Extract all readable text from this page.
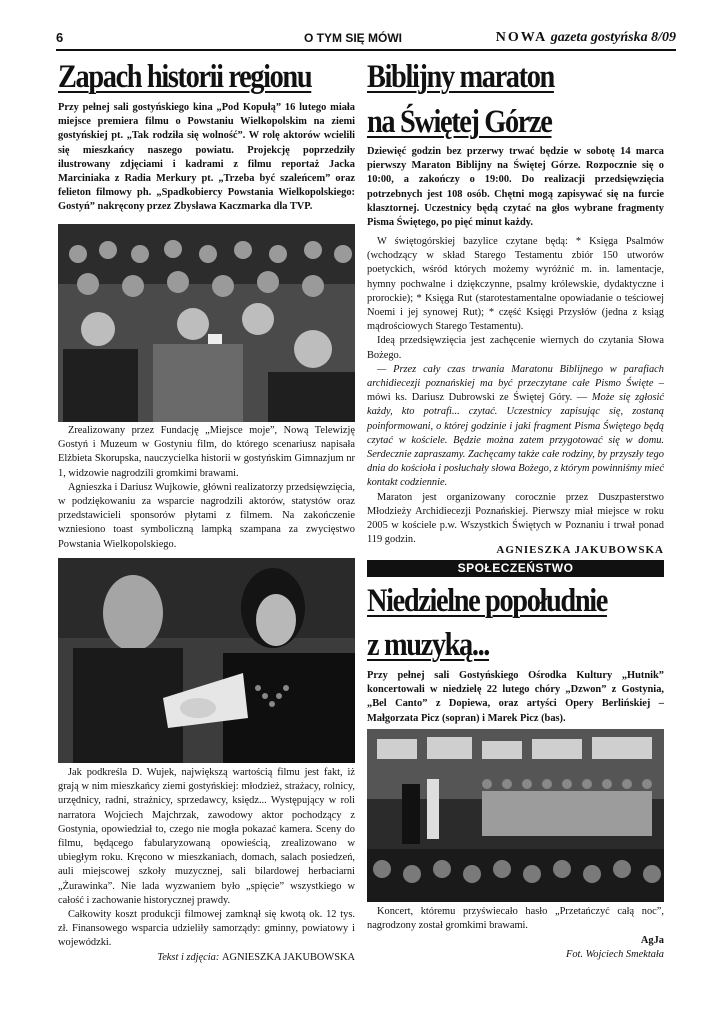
6	O TYM SIĘ MÓWI	NOWA gazeta gostyńska 8/09
Zapach historii regionu
Przy pełnej sali gostyńskiego kina „Pod Kopułą” 16 lutego miała miejsce premiera filmu o Powstaniu Wielkopolskim na ziemi gostyńskiej pt. „Tak rodziła się wolność”. W rolę aktorów wcielili się mieszkańcy naszego powiatu. Projekcję poprzedziły ilustrowany zdjęciami i kadrami z filmu reportaż Jacka Marciniaka z Radia Merkury pt. „Trzeba być szaleńcem” oraz felieton filmowy ph. „Spadkobiercy Powstania Wielkopolskiego: Gostyń” nakręcony przez Zbysława Kaczmarka dla TVP.

Zrealizowany przez Fundację „Miejsce moje”, Nową Telewizję Gostyń i Muzeum w Gostyniu film, do którego scenariusz napisała Elżbieta Skorupska, nauczycielka historii w gostyńskim Gimnazjum nr 1, widzowie nagrodzili gromkimi brawami.

Agnieszka i Dariusz Wujkowie, główni realizatorzy przedsięwzięcia, w podziękowaniu za wsparcie nagrodzili aktorów, statystów oraz przedstawicieli sponsorów płytami z filmem. Na zakończenie wzniesiono toast symboliczną lampką szampana za zwycięstwo Powstania Wielkopolskiego.

Jak podkreśla D. Wujek, największą wartością filmu jest fakt, iż grają w nim mieszkańcy ziemi gostyńskiej: młodzież, strażacy, rolnicy, urzędnicy, radni, strażnicy, sprzedawcy, księdz... Występujący w roli narratora Wojciech Majchrzak, zawodowy aktor pochodzący z Gostynia, opowiedział to, czego nie mogła pokazać kamera. Sceny do filmu, będącego fabularyzowaną opowieścią, zrealizowano w ubiegłym roku. Kręcono w mieszkaniach, domach, salach posiedzeń, auli miejscowej szkoły muzycznej, sali bilardowej herbaciarni „Żurawinka”. Nie lada wyzwaniem było „spięcie” wszystkiego w całość i zachowanie historycznej prawdy.

Całkowity koszt produkcji filmowej zamknął się kwotą ok. 12 tys. zł. Finansowego wsparcia udzieliły samorządy: gminny, powiatowy i wojewódzki.

Tekst i zdjęcia: AGNIESZKA JAKUBOWSKA
Biblijny maraton
na Świętej Górze
Dziewięć godzin bez przerwy trwać będzie w sobotę 14 marca pierwszy Maraton Biblijny na Świętej Górze. Rozpocznie się o 10:00, a zakończy o 19:00. Do realizacji przedsięwzięcia potrzebnych jest 108 osób. Chętni mogą zapisywać się na furcie klasztornej. Uczestnicy będą czytać na głos wybrane fragmenty Pisma Świętego, po pięć minut każdy.

W świętogórskiej bazylice czytane będą: * Księga Psalmów (wchodzący w skład Starego Testamentu zbiór 150 utworów poetyckich, wśród których możemy wyróżnić m. in. lamentacje, hymny pochwalne i dziękczynne, psalmy królewskie, dydaktyczne i prorockie); * Księga Rut (starotestamentalne opowiadanie o teściowej Noemi i jej synowej Rut); * część Księgi Przysłów (jedna z ksiąg mądrościowych Starego Testamentu).

Ideą przedsięwzięcia jest zachęcenie wiernych do czytania Słowa Bożego.

— Przez cały czas trwania Maratonu Biblijnego w parafiach archidiecezji poznańskiej ma być przeczytane całe Pismo Święte – mówi ks. Dariusz Dubrowski ze Świętej Góry. — Może się zgłosić każdy, kto potrafi... czytać. Uczestnicy zapisując się, zostaną poinformowani, o której godzinie i jaki fragment Pisma Świętego będą czytać w kościele. Będzie można zatem przygotować się w domu. Serdecznie zapraszamy. Zachęcamy także całe rodziny, by przyszły tego dnia do kościoła i posłuchały słowa Bożego, z którym powinniśmy mieć kontakt codziennie.

Maraton jest organizowany corocznie przez Duszpasterstwo Młodzieży Archidiecezji Poznańskiej. Pierwszy miał miejsce w roku 2005 w kościele p.w. Wszystkich Świętych w Poznaniu i trwał ponad 119 godzin.

AGNIESZKA JAKUBOWSKA
SPOŁECZEŃSTWO
Niedzielne popołudnie
z muzyką...
Przy pełnej sali Gostyńskiego Ośrodka Kultury „Hutnik” koncertowali w niedzielę 22 lutego chóry „Dzwon” z Gostynia, „Bel Canto” z Dopiewa, oraz artyści Opery Berlińskiej – Małgorzata Picz (sopran) i Marek Picz (bas).

Koncert, któremu przyświecało hasło „Przetańczyć całą noc”, nagrodzony został gromkimi brawami.

AgJa
Fot. Wojciech Smektała
